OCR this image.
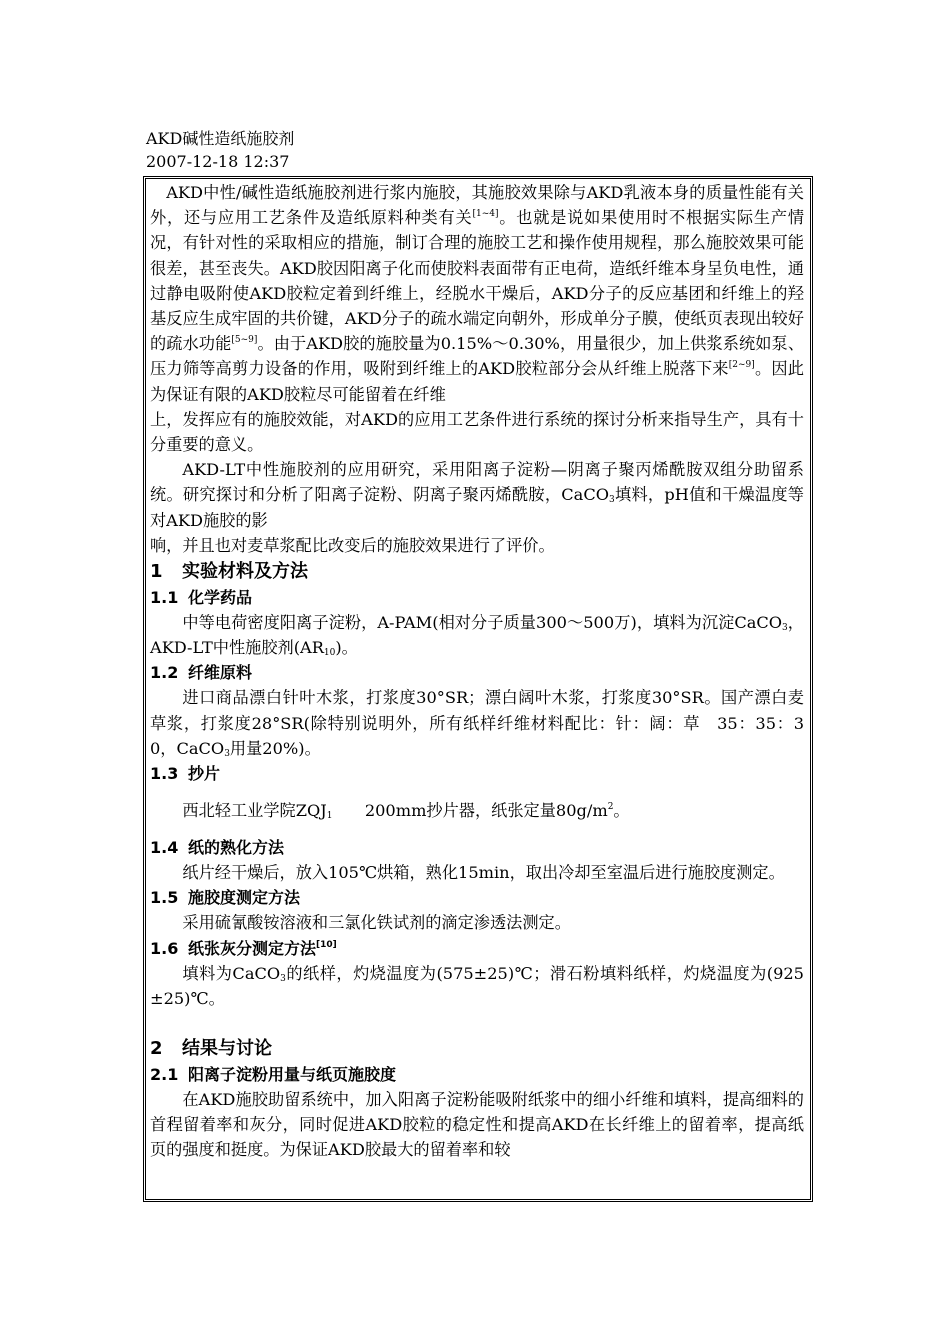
AKD碱性造纸施胶剂
2007-12-18 12:37

AKD中性/碱性造纸施胶剂进行浆内施胶，其施胶效果除与AKD乳液本身的质量性能有关外，还与应用工艺条件及造纸原料种类有关[1~4]。也就是说如果使用时不根据实际生产情况，有针对性的采取相应的措施，制订合理的施胶工艺和操作使用规程，那么施胶效果可能很差，甚至丧失。AKD胶因阳离子化而使胶料表面带有正电荷，造纸纤维本身呈负电性，通过静电吸附使AKD胶粒定着到纤维上，经脱水干燥后，AKD分子的反应基团和纤维上的羟基反应生成牢固的共价键，AKD分子的疏水端定向朝外，形成单分子膜，使纸页表现出较好的疏水功能[5~9]。由于AKD胶的施胶量为0.15%～0.30%，用量很少，加上供浆系统如泵、压力筛等高剪力设备的作用，吸附到纤维上的AKD胶粒部分会从纤维上脱落下来[2~9]。因此为保证有限的AKD胶粒尽可能留着在纤维

上，发挥应有的施胶效能，对AKD的应用工艺条件进行系统的探讨分析来指导生产，具有十分重要的意义。

AKD-LT中性施胶剂的应用研究，采用阳离子淀粉—阴离子聚丙烯酰胺双组分助留系统。研究探讨和分析了阳离子淀粉、阴离子聚丙烯酰胺，CaCO$_3$填料，pH值和干燥温度等对AKD施胶的影

响，并且也对麦草浆配比改变后的施胶效果进行了评价。

1 实验材料及方法
1.1 化学药品

中等电荷密度阳离子淀粉，A-PAM(相对分子质量300～500万)，填料为沉淀CaCO$_3$，AKD-LT中性施胶剂$(AR_{10})$。

1.2 纤维原料

进口商品漂白针叶木浆，打浆度30°SR；漂白阔叶木浆，打浆度30°SR。国产漂白麦草浆，打浆度28°SR(除特别说明外，所有纸样纤维材料配比：针：阔：草　35：35：30，CaCO$_3$用量20%)。

1.3 抄片

西北轻工业学院$ZQJ_1$　　200mm抄片器，纸张定量$80g/m^2$。

1.4 纸的熟化方法

纸片经干燥后，放入105℃烘箱，熟化15min，取出冷却至室温后进行施胶度测定。

1.5 施胶度测定方法

采用硫氰酸铵溶液和三氯化铁试剂的滴定渗透法测定。

1.6 纸张灰分测定方法[10]

填料为CaCO$_3$的纸样，灼烧温度为(575±25)℃；滑石粉填料纸样，灼烧温度为(925±25)℃。

2 结果与讨论
2.1 阳离子淀粉用量与纸页施胶度

在AKD施胶助留系统中，加入阳离子淀粉能吸附纸浆中的细小纤维和填料，提高细料的首程留着率和灰分，同时促进AKD胶粒的稳定性和提高AKD在长纤维上的留着率，提高纸页的强度和挺度。为保证AKD胶最大的留着率和较
